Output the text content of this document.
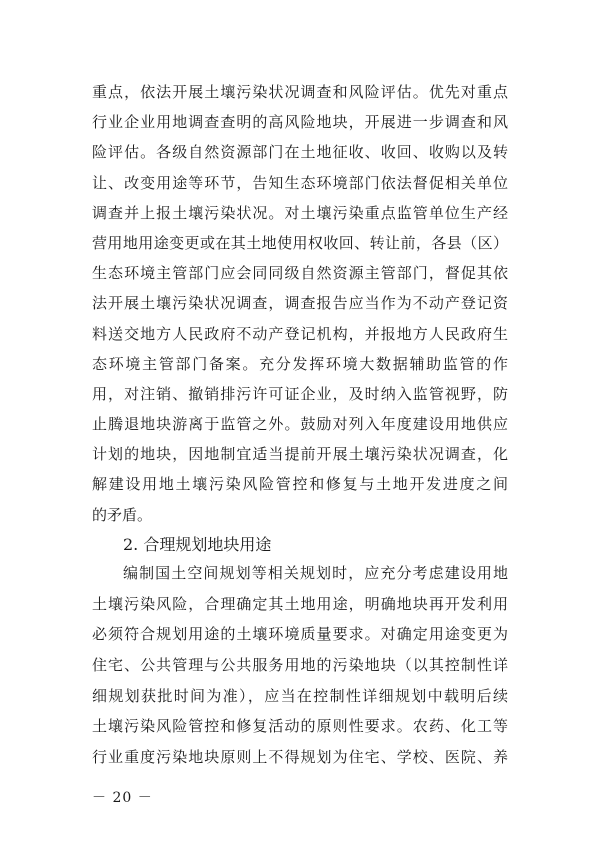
重点，依法开展土壤污染状况调查和风险评估。优先对重点
行业企业用地调查查明的高风险地块，开展进一步调查和风
险评估。各级自然资源部门在土地征收、收回、收购以及转
让、改变用途等环节，告知生态环境部门依法督促相关单位
调查并上报土壤污染状况。对土壤污染重点监管单位生产经
营用地用途变更或在其土地使用权收回、转让前，各县（区）
生态环境主管部门应会同同级自然资源主管部门，督促其依
法开展土壤污染状况调查，调查报告应当作为不动产登记资
料送交地方人民政府不动产登记机构，并报地方人民政府生
态环境主管部门备案。充分发挥环境大数据辅助监管的作
用，对注销、撤销排污许可证企业，及时纳入监管视野，防
止腾退地块游离于监管之外。鼓励对列入年度建设用地供应
计划的地块，因地制宜适当提前开展土壤污染状况调查，化
解建设用地土壤污染风险管控和修复与土地开发进度之间
的矛盾。
2. 合理规划地块用途
编制国土空间规划等相关规划时，应充分考虑建设用地
土壤污染风险，合理确定其土地用途，明确地块再开发利用
必须符合规划用途的土壤环境质量要求。对确定用途变更为
住宅、公共管理与公共服务用地的污染地块（以其控制性详
细规划获批时间为准），应当在控制性详细规划中载明后续
土壤污染风险管控和修复活动的原则性要求。农药、化工等
行业重度污染地块原则上不得规划为住宅、学校、医院、养
－ 20 －
